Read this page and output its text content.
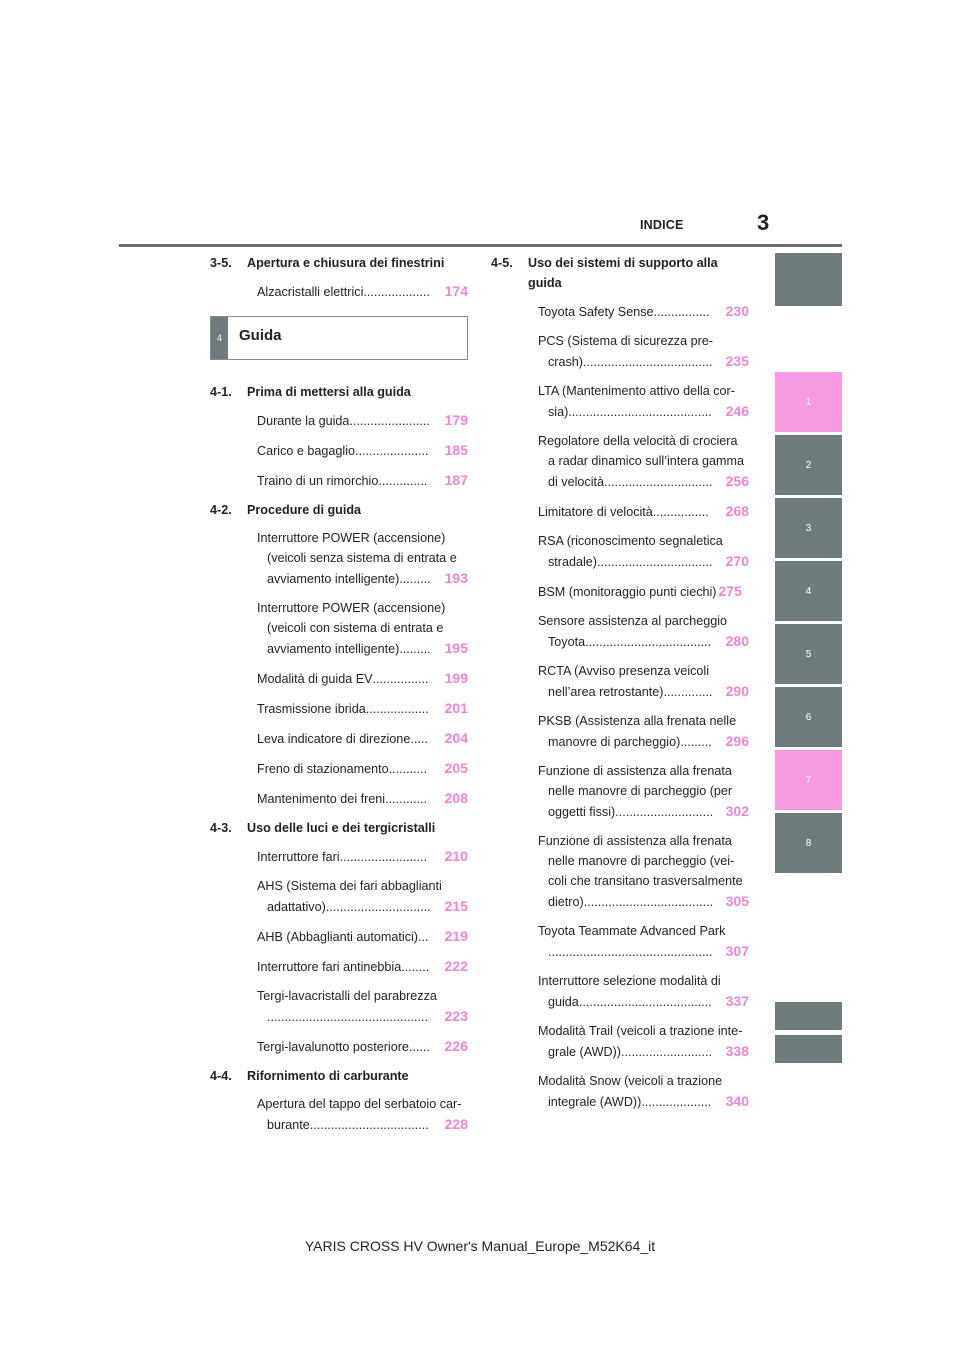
INDICE	3
3-5.	Apertura e chiusura dei finestrini
Alzacristalli elettrici ...................	174
4	Guida
4-1.	Prima di mettersi alla guida
Durante la guida .......................	179
Carico e bagaglio .....................	185
Traino di un rimorchio ..............	187
4-2.	Procedure di guida
Interruttore POWER (accensione)
(veicoli senza sistema di entrata e
avviamento intelligente) ......... 193
Interruttore POWER (accensione)
(veicoli con sistema di entrata e
avviamento intelligente) ......... 195
Modalità di guida EV ................	199
Trasmissione ibrida ..................	201
Leva indicatore di direzione .....	204
Freno di stazionamento ...........	205
Mantenimento dei freni ............	208
4-3.	Uso delle luci e dei tergicristalli
Interruttore fari .........................	210
AHS (Sistema dei fari abbaglianti
adattativo) .............................. 215
AHB (Abbaglianti automatici) ...	219
Interruttore fari antinebbia ........	222
Tergi-lavacristalli del parabrezza
..............................................	223
Tergi-lavalunotto posteriore ......	226
4-4.	Rifornimento di carburante
Apertura del tappo del serbatoio car-
burante ..................................	228
4-5.	Uso dei sistemi di supporto alla guida
Toyota Safety Sense ................	230
PCS (Sistema di sicurezza pre-
crash) ..................................... 235
LTA (Mantenimento attivo della cor-
sia) ......................................... 246
Regolatore della velocità di crociera
a radar dinamico sull’intera gamma
di velocità ............................... 256
Limitatore di velocità ................	268
RSA (riconoscimento segnaletica
stradale) ................................. 270
BSM (monitoraggio punti ciechi) 275
Sensore assistenza al parcheggio
Toyota ....................................	280
RCTA (Avviso presenza veicoli
nell’area retrostante) .............. 290
PKSB (Assistenza alla frenata nelle
manovre di parcheggio) ......... 296
Funzione di assistenza alla frenata
nelle manovre di parcheggio (per
oggetti fissi) ............................ 302
Funzione di assistenza alla frenata
nelle manovre di parcheggio (vei-
coli che transitano trasversalmente
dietro) ..................................... 305
Toyota Teammate Advanced Park
............................................... 307
Interruttore selezione modalità di
guida ...................................... 337
Modalità Trail (veicoli a trazione inte-
grale (AWD)) .......................... 338
Modalità Snow (veicoli a trazione
integrale (AWD)) ....................	340
1
2
3
4
5
6
7
8
YARIS CROSS HV Owner's Manual_Europe_M52K64_it
